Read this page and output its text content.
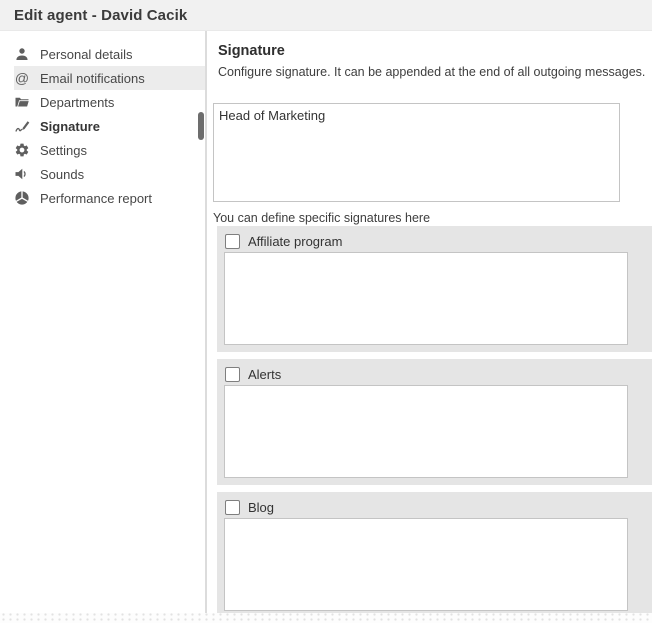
Edit agent - David Cacik
Personal details
@ Email notifications
Departments
Signature
Settings
Sounds
Performance report
Signature
Configure signature. It can be appended at the end of all outgoing messages.
Head of Marketing
You can define specific signatures here
Affiliate program
Alerts
Blog
